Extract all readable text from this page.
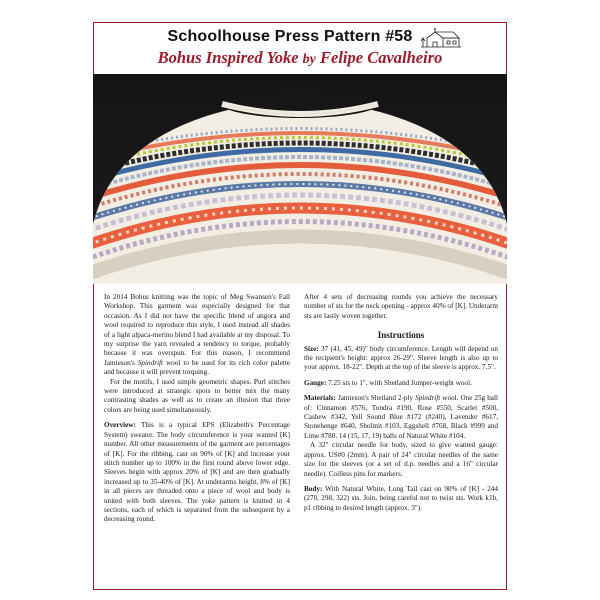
Schoolhouse Press Pattern #58
Bohus Inspired Yoke by Felipe Cavalheiro

In 2014 Bohus knitting was the topic of Meg Swansen's Fall Workshop. This garment was especially designed for that occasion. As I did not have the specific blend of angora and wool required to reproduce this style, I used instead all shades of a light alpaca-merino blend I had available at my disposal. To my surprise the yarn revealed a tendency to torque, probably because it was overspun. For this reason, I recommend Jamieson's Spindrift wool to be used for its rich color palette and because it will prevent torquing.

For the motifs, I used simple geometric shapes. Purl stitches were introduced at strategic spots to better mix the many contrasting shades as well as to create an illusion that three colors are being used simultaneously.

Overview: This is a typical EPS (Elizabeth's Percentage System) sweater. The body circumference is your wanted [K] number. All other measurements of the garment are percentages of [K]. For the ribbing, cast on 90% of [K] and increase your stitch number up to 100% in the first round above lower edge. Sleeves begin with approx 20% of [K] and are then gradually increased up to 35-40% of [K]. At underarms height, 8% of [K] in all pieces are threaded onto a piece of wool and body is united with both sleeves. The yoke pattern is knitted in 4 sections, each of which is separated from the subsequent by a decreasing round.

After 4 sets of decreasing rounds you achieve the necessary number of sts for the neck opening - approx 40% of [K]. Underarm sts are lastly woven together.

Instructions

Size: 37 (41, 45, 49)" body circumference. Length will depend on the recipient's height: approx 26-29". Sleeve length is also up to your approx. 18-22". Depth at the top of the sleeve is approx. 7.5".

Gauge: 7.25 sts to 1", with Shetland Jumper-weight wool.

Materials: Jamieson's Shetland 2-ply Spindrift wool. One 25g ball of: Cinnamon #576, Tundra #190, Rose #550, Scarlet #500, Cashew #342, Yell Sound Blue #172 (#240), Lavender #617, Stonehenge #640, Sholmit #103, Eggshell #768, Black #999 and Lime #780. 14 (15, 17, 19) balls of Natural White #104.

A 32" circular needle for body, sized to give wanted gauge: approx. US#0 (2mm). A pair of 24" circular needles of the same size for the sleeves (or a set of d.p. needles and a 16" circular needle). Coilless pins for markers.

Body: With Natural White, Long Tail cast on 90% of [K] - 244 (270, 298, 322) sts. Join, being careful not to twist sts. Work k1b, p1 ribbing to desired length (approx. 3").
